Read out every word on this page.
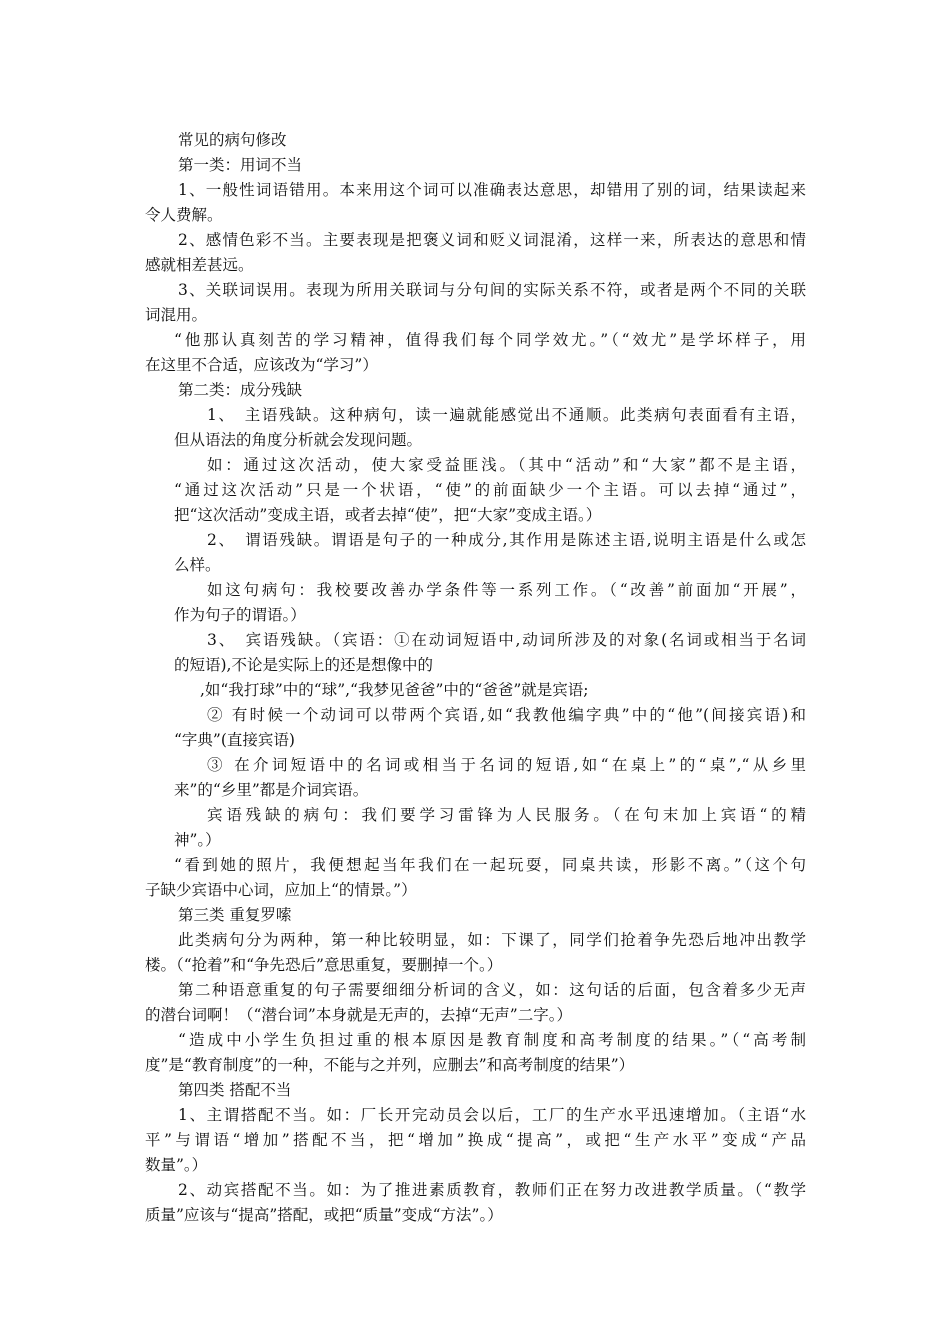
常见的病句修改
第一类：用词不当
1、一般性词语错用。本来用这个词可以准确表达意思，却错用了别的词，结果读起来
令人费解。
2、感情色彩不当。主要表现是把褒义词和贬义词混淆，这样一来，所表达的意思和情
感就相差甚远。
3、关联词误用。表现为所用关联词与分句间的实际关系不符，或者是两个不同的关联
词混用。
“他那认真刻苦的学习精神，值得我们每个同学效尤。”（“效尤”是学坏样子，用
在这里不合适，应该改为“学习”）
第二类：成分残缺
1、　主语残缺。这种病句，读一遍就能感觉出不通顺。此类病句表面看有主语，
但从语法的角度分析就会发现问题。
如：通过这次活动，使大家受益匪浅。（其中“活动”和“大家”都不是主语，
“通过这次活动”只是一个状语，“使”的前面缺少一个主语。可以去掉“通过”，
把“这次活动”变成主语，或者去掉“使”，把“大家”变成主语。）
2、　谓语残缺。谓语是句子的一种成分,其作用是陈述主语,说明主语是什么或怎
么样。
如这句病句：我校要改善办学条件等一系列工作。（“改善”前面加“开展”，
作为句子的谓语。）
3、　宾语残缺。（宾语：①在动词短语中,动词所涉及的对象(名词或相当于名词
的短语),不论是实际上的还是想像中的
,如“我打球”中的“球”,“我梦见爸爸”中的“爸爸”就是宾语;
② 有时候一个动词可以带两个宾语,如“我教他编字典”中的“他”(间接宾语)和
“字典”(直接宾语)
③ 在介词短语中的名词或相当于名词的短语,如“在桌上”的“桌”,“从乡里
来”的“乡里”都是介词宾语。
宾语残缺的病句：我们要学习雷锋为人民服务。（在句末加上宾语“的精
神”。）
“看到她的照片，我便想起当年我们在一起玩耍，同桌共读，形影不离。”（这个句
子缺少宾语中心词，应加上“的情景。”）
第三类 重复罗嗦
此类病句分为两种，第一种比较明显，如：下课了，同学们抢着争先恐后地冲出教学
楼。（“抢着”和“争先恐后”意思重复，要删掉一个。）
第二种语意重复的句子需要细细分析词的含义，如：这句话的后面，包含着多少无声
的潜台词啊！（“潜台词”本身就是无声的，去掉“无声”二字。）
“造成中小学生负担过重的根本原因是教育制度和高考制度的结果。”（“高考制
度”是“教育制度”的一种，不能与之并列，应删去”和高考制度的结果”）
第四类 搭配不当
1、主谓搭配不当。如：厂长开完动员会以后，工厂的生产水平迅速增加。（主语“水
平”与谓语“增加”搭配不当，把“增加”换成“提高”，或把“生产水平”变成“产品
数量”。）
2、动宾搭配不当。如：为了推进素质教育，教师们正在努力改进教学质量。（“教学
质量”应该与“提高”搭配，或把“质量”变成“方法”。）
